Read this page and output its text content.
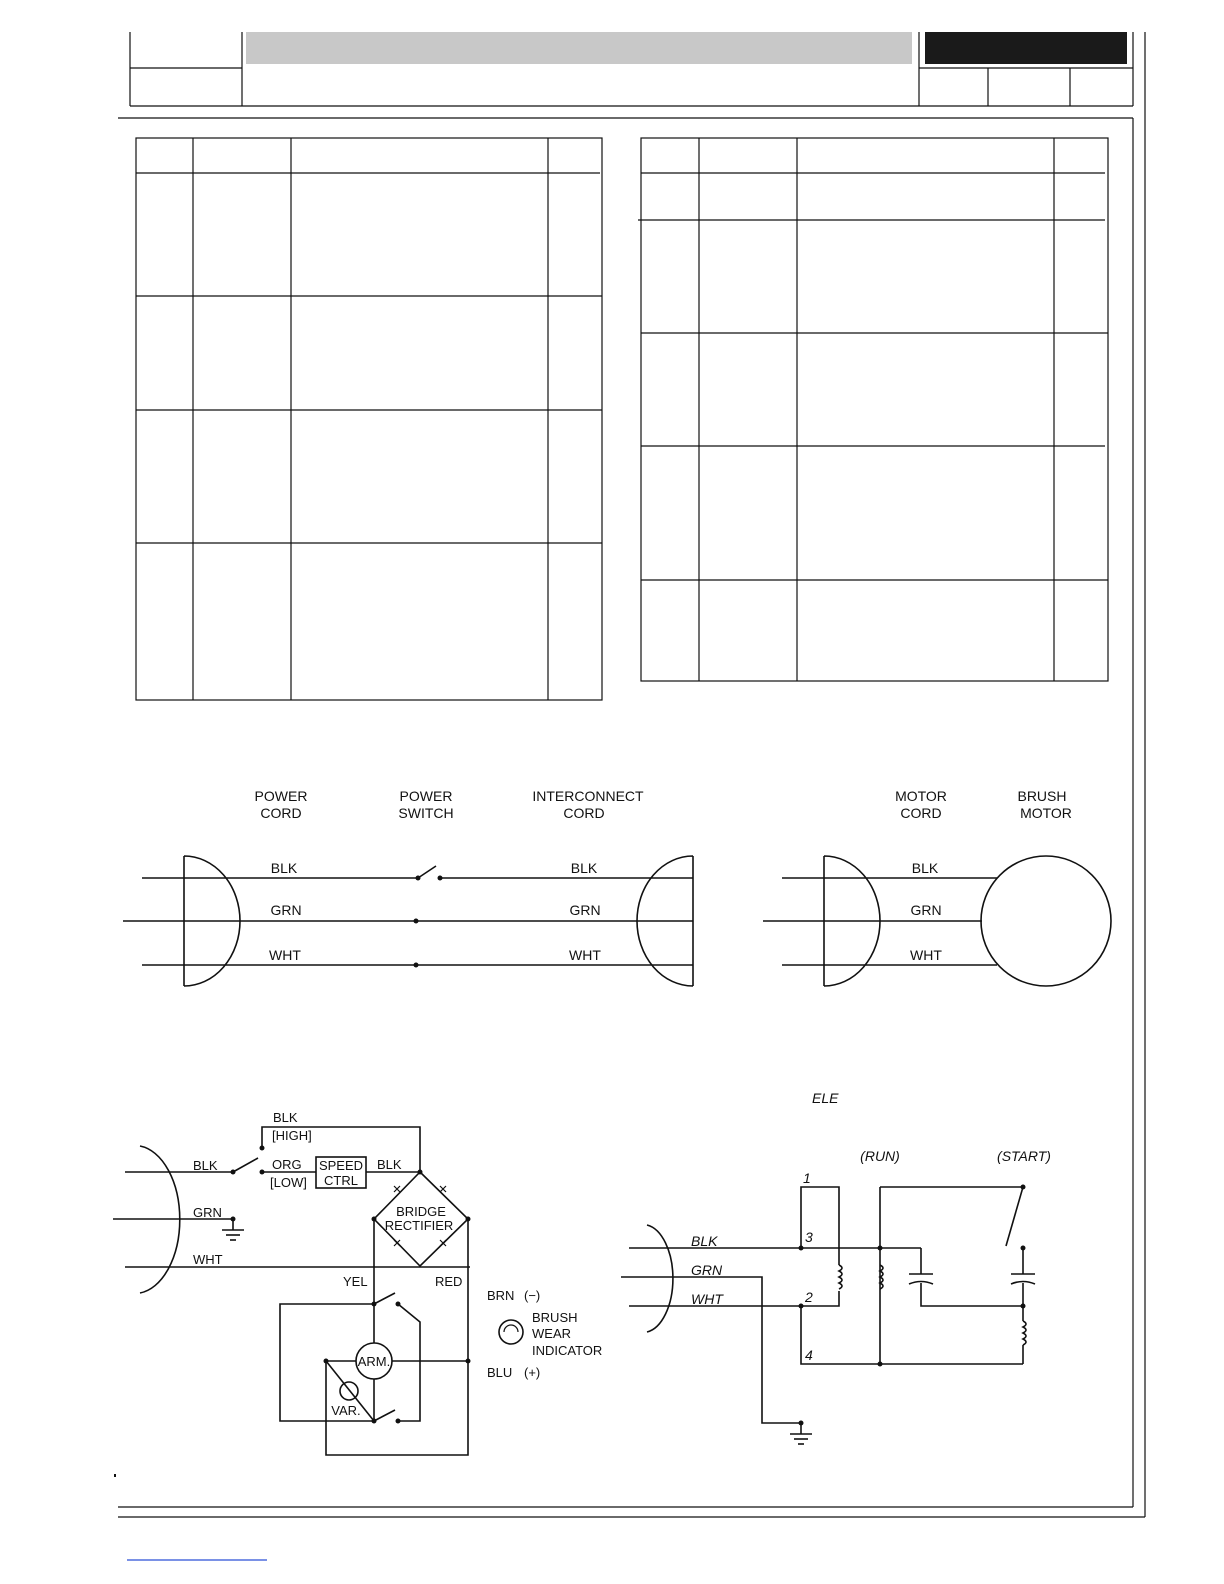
POWER
CORD
POWER
SWITCH
INTERCONNECT
CORD
BLK
GRN
WHT
BLK
GRN
WHT
MOTOR
CORD
BRUSH
MOTOR
BLK
GRN
WHT
BLK
[HIGH]
BLK	ORG
[LOW]
SPEED
CTRL
BLK
GRN
WHT
BRIDGE
RECTIFIER
YEL	RED
BRN (−)
BRUSH
WEAR
INDICATOR
BLU (+)
ARM.
VAR.
ELE
(RUN)	(START)
BLK
GRN
WHT
1
3
2
4
